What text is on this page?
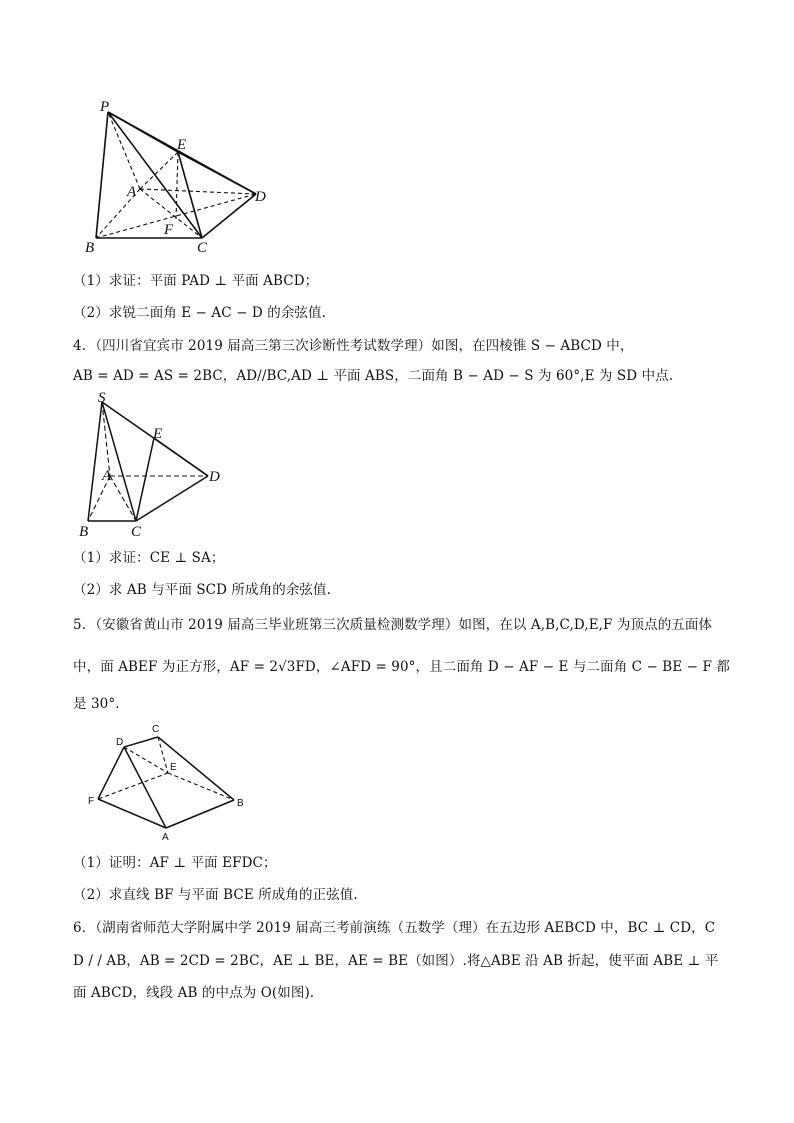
P
E
A	D
F
B	C
S
E
A	D
B	C
C
D
E
F	B
A
（1）求证：平面 PAD ⊥ 平面 ABCD；
（2）求锐二面角 E − AC − D 的余弦值.
4．（四川省宜宾市 2019 届高三第三次诊断性考试数学理）如图，在四棱锥 S − ABCD 中，
AB = AD = AS = 2BC，AD//BC,AD ⊥ 平面 ABS，二面角 B − AD − S 为 60°,E 为 SD 中点.
（1）求证：CE ⊥ SA；
（2）求 AB 与平面 SCD 所成角的余弦值.
5．（安徽省黄山市 2019 届高三毕业班第三次质量检测数学理）如图，在以 A,B,C,D,E,F 为顶点的五面体
中，面 ABEF 为正方形，AF = 2√3FD，∠AFD = 90°，且二面角 D − AF − E 与二面角 C − BE − F 都
是 30°.
（1）证明：AF ⊥ 平面 EFDC；
（2）求直线 BF 与平面 BCE 所成角的正弦值.
6．（湖南省师范大学附属中学 2019 届高三考前演练（五数学（理）在五边形 AEBCD 中，BC ⊥ CD，C
D / / AB，AB = 2CD = 2BC，AE ⊥ BE，AE = BE（如图）.将△ABE 沿 AB 折起，使平面 ABE ⊥ 平
面 ABCD，线段 AB 的中点为 O(如图).
